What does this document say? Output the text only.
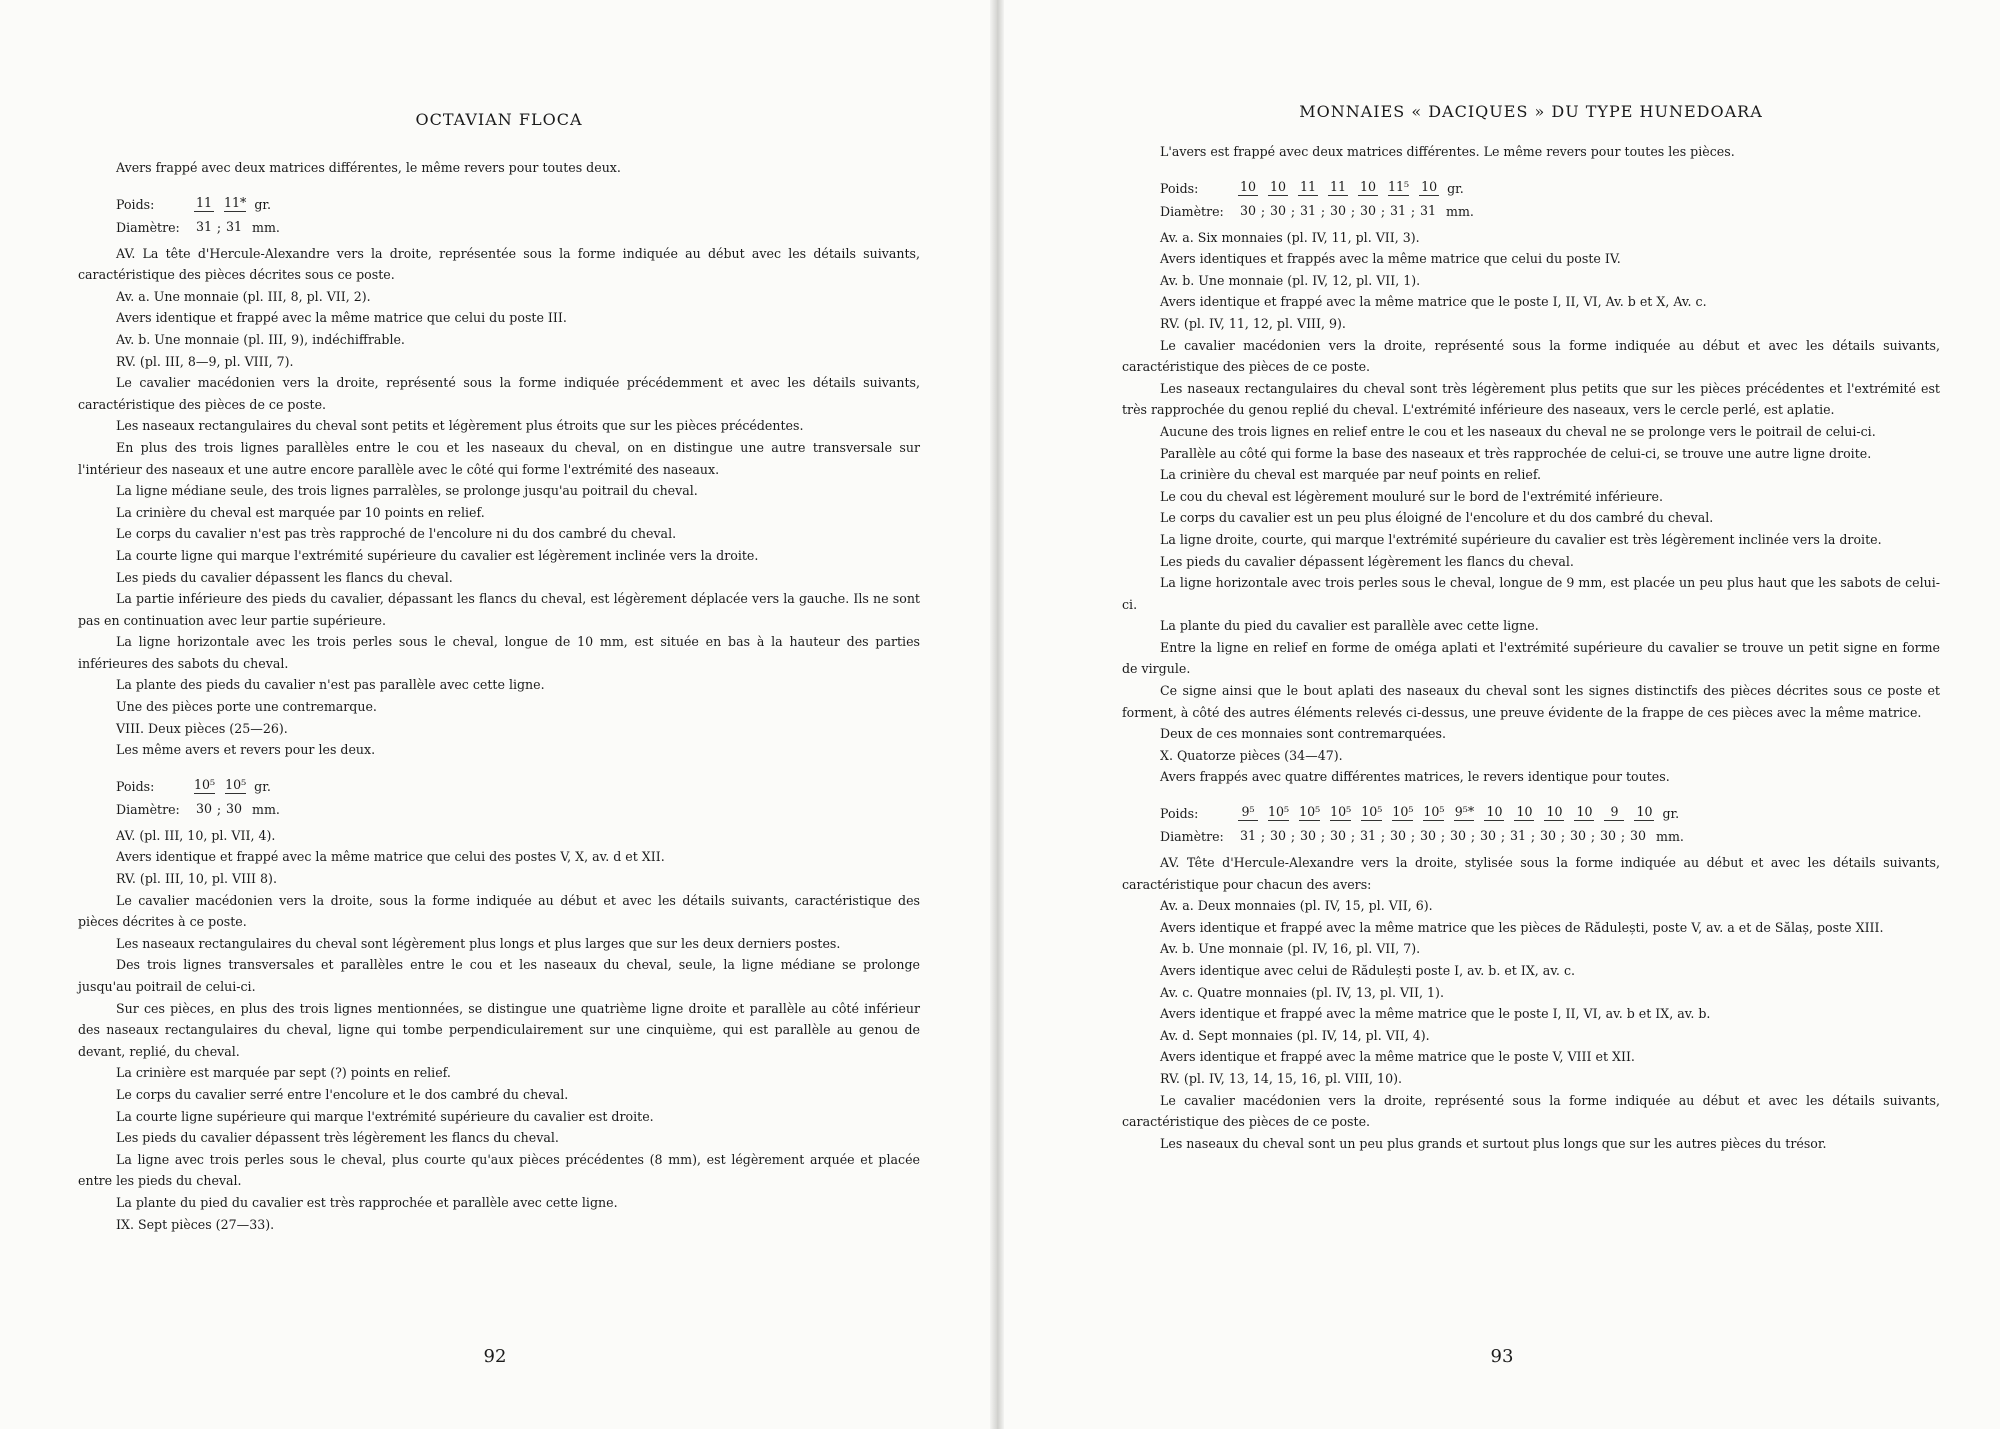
OCTAVIAN FLOCA

Avers frappé avec deux matrices différentes, le même revers pour toutes deux.

Poids:	11 11* gr.
Diamètre:	31 ; 31 mm.

AV. La tête d'Hercule-Alexandre vers la droite, représentée sous la forme indiquée au début avec les détails suivants, caractéristique des pièces décrites sous ce poste.

Av. a. Une monnaie (pl. III, 8, pl. VII, 2).

Avers identique et frappé avec la même matrice que celui du poste III.

Av. b. Une monnaie (pl. III, 9), indéchiffrable.

RV. (pl. III, 8—9, pl. VIII, 7).

Le cavalier macédonien vers la droite, représenté sous la forme indiquée précédemment et avec les détails suivants, caractéristique des pièces de ce poste.

Les naseaux rectangulaires du cheval sont petits et légèrement plus étroits que sur les pièces précédentes.

En plus des trois lignes parallèles entre le cou et les naseaux du cheval, on en distingue une autre transversale sur l'intérieur des naseaux et une autre encore parallèle avec le côté qui forme l'extrémité des naseaux.

La ligne médiane seule, des trois lignes parralèles, se prolonge jusqu'au poitrail du cheval.

La crinière du cheval est marquée par 10 points en relief.

Le corps du cavalier n'est pas très rapproché de l'encolure ni du dos cambré du cheval.

La courte ligne qui marque l'extrémité supérieure du cavalier est légèrement inclinée vers la droite.

Les pieds du cavalier dépassent les flancs du cheval.

La partie inférieure des pieds du cavalier, dépassant les flancs du cheval, est légèrement déplacée vers la gauche. Ils ne sont pas en continuation avec leur partie supérieure.

La ligne horizontale avec les trois perles sous le cheval, longue de 10 mm, est située en bas à la hauteur des parties inférieures des sabots du cheval.

La plante des pieds du cavalier n'est pas parallèle avec cette ligne.

Une des pièces porte une contremarque.

VIII. Deux pièces (25—26).

Les même avers et revers pour les deux.

Poids:	10⁵ 10⁵ gr.
Diamètre:	30 ; 30 mm.

AV. (pl. III, 10, pl. VII, 4).

Avers identique et frappé avec la même matrice que celui des postes V, X, av. d et XII.

RV. (pl. III, 10, pl. VIII 8).

Le cavalier macédonien vers la droite, sous la forme indiquée au début et avec les détails suivants, caractéristique des pièces décrites à ce poste.

Les naseaux rectangulaires du cheval sont légèrement plus longs et plus larges que sur les deux derniers postes.

Des trois lignes transversales et parallèles entre le cou et les naseaux du cheval, seule, la ligne médiane se prolonge jusqu'au poitrail de celui-ci.

Sur ces pièces, en plus des trois lignes mentionnées, se distingue une quatrième ligne droite et parallèle au côté inférieur des naseaux rectangulaires du cheval, ligne qui tombe perpendiculairement sur une cinquième, qui est parallèle au genou de devant, replié, du cheval.

La crinière est marquée par sept (?) points en relief.

Le corps du cavalier serré entre l'encolure et le dos cambré du cheval.

La courte ligne supérieure qui marque l'extrémité supérieure du cavalier est droite.

Les pieds du cavalier dépassent très légèrement les flancs du cheval.

La ligne avec trois perles sous le cheval, plus courte qu'aux pièces précédentes (8 mm), est légèrement arquée et placée entre les pieds du cheval.

La plante du pied du cavalier est très rapprochée et parallèle avec cette ligne.

IX. Sept pièces (27—33).

92
MONNAIES « DACIQUES » DU TYPE HUNEDOARA

L'avers est frappé avec deux matrices différentes. Le même revers pour toutes les pièces.

Poids:	10 10 11 11 10 11⁵ 10 gr.
Diamètre:	30 ; 30 ; 31 ; 30 ; 30 ; 31 ; 31 mm.

Av. a. Six monnaies (pl. IV, 11, pl. VII, 3).

Avers identiques et frappés avec la même matrice que celui du poste IV.

Av. b. Une monnaie (pl. IV, 12, pl. VII, 1).

Avers identique et frappé avec la même matrice que le poste I, II, VI, Av. b et X, Av. c.

RV. (pl. IV, 11, 12, pl. VIII, 9).

Le cavalier macédonien vers la droite, représenté sous la forme indiquée au début et avec les détails suivants, caractéristique des pièces de ce poste.

Les naseaux rectangulaires du cheval sont très légèrement plus petits que sur les pièces précédentes et l'extrémité est très rapprochée du genou replié du cheval. L'extrémité inférieure des naseaux, vers le cercle perlé, est aplatie.

Aucune des trois lignes en relief entre le cou et les naseaux du cheval ne se prolonge vers le poitrail de celui-ci.

Parallèle au côté qui forme la base des naseaux et très rapprochée de celui-ci, se trouve une autre ligne droite.

La crinière du cheval est marquée par neuf points en relief.

Le cou du cheval est légèrement mouluré sur le bord de l'extrémité inférieure.

Le corps du cavalier est un peu plus éloigné de l'encolure et du dos cambré du cheval.

La ligne droite, courte, qui marque l'extrémité supérieure du cavalier est très légèrement inclinée vers la droite.

Les pieds du cavalier dépassent légèrement les flancs du cheval.

La ligne horizontale avec trois perles sous le cheval, longue de 9 mm, est placée un peu plus haut que les sabots de celui-ci.

La plante du pied du cavalier est parallèle avec cette ligne.

Entre la ligne en relief en forme de oméga aplati et l'extrémité supérieure du cavalier se trouve un petit signe en forme de virgule.

Ce signe ainsi que le bout aplati des naseaux du cheval sont les signes distinctifs des pièces décrites sous ce poste et forment, à côté des autres éléments relevés ci-dessus, une preuve évidente de la frappe de ces pièces avec la même matrice.

Deux de ces monnaies sont contremarquées.

X. Quatorze pièces (34—47).

Avers frappés avec quatre différentes matrices, le revers identique pour toutes.

Poids:	9⁵ 10⁵ 10⁵ 10⁵ 10⁵ 10⁵ 10⁵ 9⁵* 10 10 10 10	9	10 gr.
Diamètre:	31 ; 30 ; 30 ; 30 ; 31 ; 30 ; 30 ; 30 ; 30 ; 31 ; 30 ; 30 ; 30 ; 30 mm.

AV. Tête d'Hercule-Alexandre vers la droite, stylisée sous la forme indiquée au début et avec les détails suivants, caractéristique pour chacun des avers:

Av. a. Deux monnaies (pl. IV, 15, pl. VII, 6).

Avers identique et frappé avec la même matrice que les pièces de Rădulești, poste V, av. a et de Sălaș, poste XIII.

Av. b. Une monnaie (pl. IV, 16, pl. VII, 7).

Avers identique avec celui de Rădulești poste I, av. b. et IX, av. c.

Av. c. Quatre monnaies (pl. IV, 13, pl. VII, 1).

Avers identique et frappé avec la même matrice que le poste I, II, VI, av. b et IX, av. b.

Av. d. Sept monnaies (pl. IV, 14, pl. VII, 4).

Avers identique et frappé avec la même matrice que le poste V, VIII et XII.

RV. (pl. IV, 13, 14, 15, 16, pl. VIII, 10).

Le cavalier macédonien vers la droite, représenté sous la forme indiquée au début et avec les détails suivants, caractéristique des pièces de ce poste.

Les naseaux du cheval sont un peu plus grands et surtout plus longs que sur les autres pièces du trésor.

93
